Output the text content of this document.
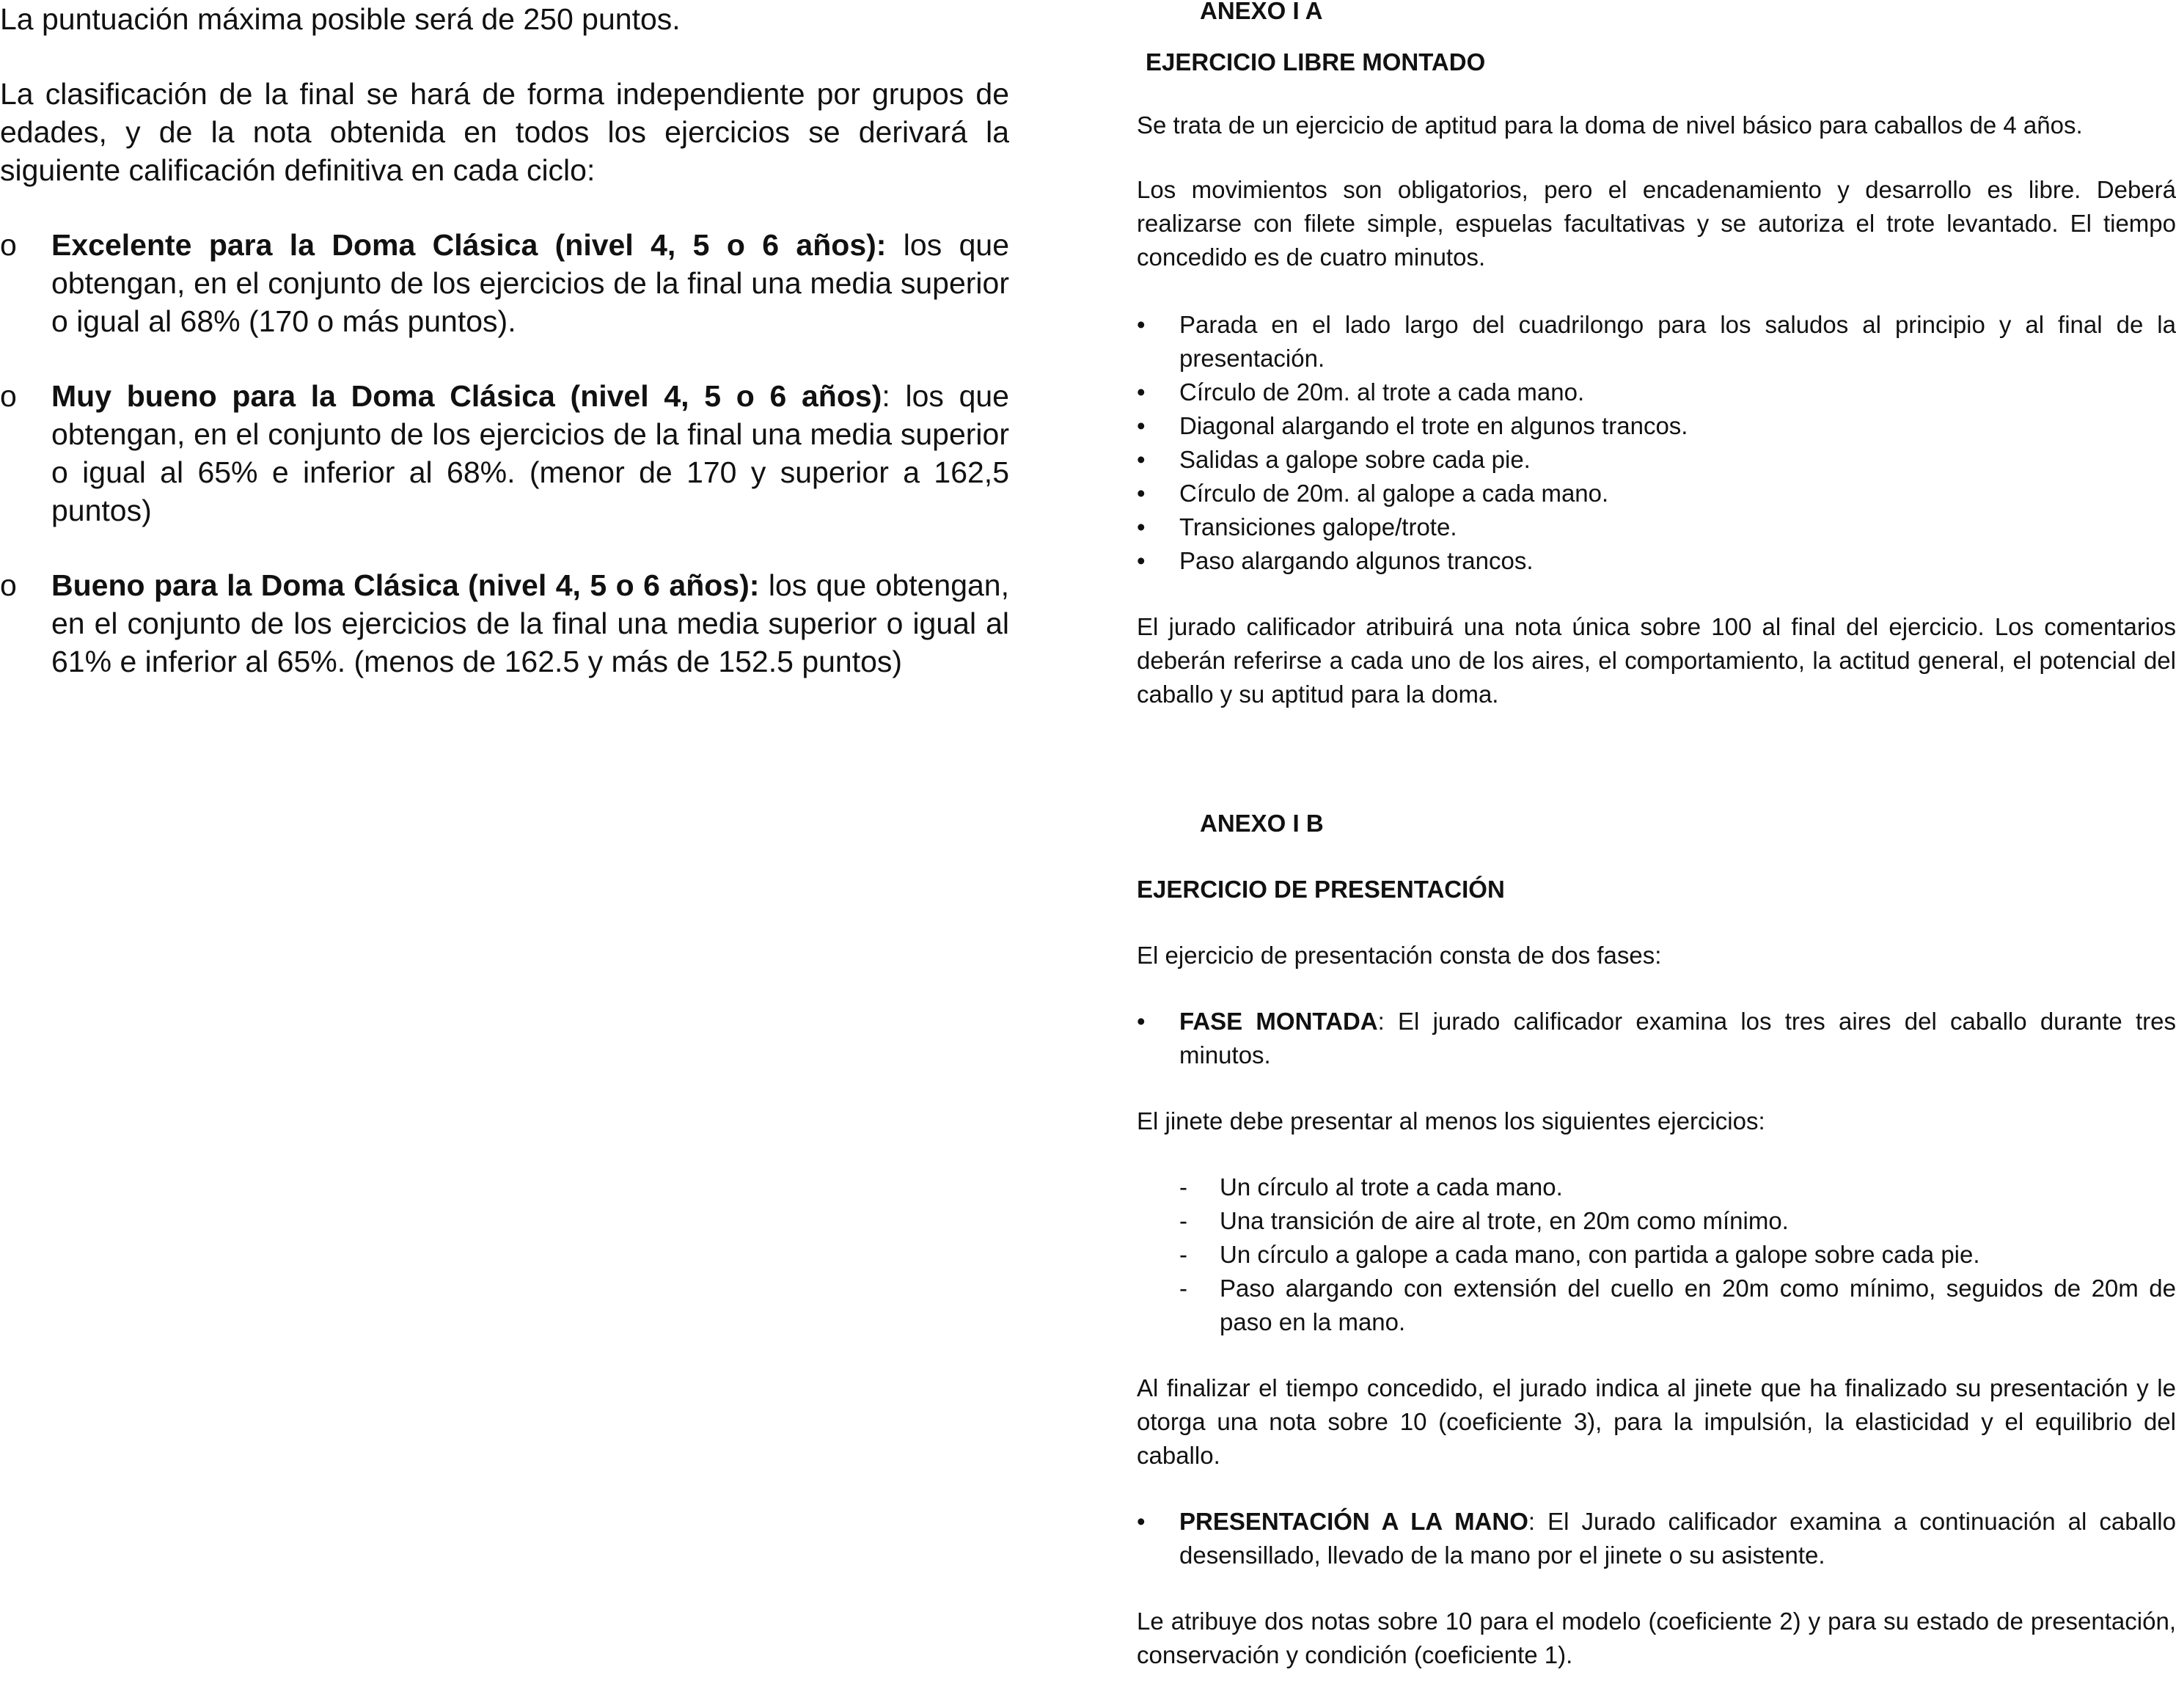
La puntuación máxima posible será de 250 puntos.

La clasificación de la final se hará de forma independiente por grupos de edades, y de la nota obtenida en todos los ejercicios se derivará la siguiente calificación definitiva en cada ciclo:

o	Excelente para la Doma Clásica (nivel 4, 5 o 6 años): los que obtengan, en el conjunto de los ejercicios de la final una media superior o igual al 68% (170 o más puntos).
o	Muy bueno para la Doma Clásica (nivel 4, 5 o 6 años): los que obtengan, en el conjunto de los ejercicios de la final una media superior o igual al 65% e inferior al 68%. (menor de 170 y superior a 162,5 puntos)
o	Bueno para la Doma Clásica (nivel 4, 5 o 6 años): los que obtengan, en el conjunto de los ejercicios de la final una media superior o igual al 61% e inferior al 65%. (menos de 162.5 y más de 152.5 puntos)

ANEXO I A

EJERCICIO LIBRE MONTADO

Se trata de un ejercicio de aptitud para la doma de nivel básico para caballos de 4 años.

Los movimientos son obligatorios, pero el encadenamiento y desarrollo es libre. Deberá realizarse con filete simple, espuelas facultativas y se autoriza el trote levantado. El tiempo concedido es de cuatro minutos.

•	Parada en el lado largo del cuadrilongo para los saludos al principio y al final de la presentación.
•	Círculo de 20m. al trote a cada mano.
•	Diagonal alargando el trote en algunos trancos.
•	Salidas a galope sobre cada pie.
•	Círculo de 20m. al galope a cada mano.
•	Transiciones galope/trote.
•	Paso alargando algunos trancos.

El jurado calificador atribuirá una nota única sobre 100 al final del ejercicio. Los comentarios deberán referirse a cada uno de los aires, el comportamiento, la actitud general, el potencial del caballo y su aptitud para la doma.

ANEXO I B

EJERCICIO DE PRESENTACIÓN

El ejercicio de presentación consta de dos fases:

•	FASE MONTADA: El jurado calificador examina los tres aires del caballo durante tres minutos.

El jinete debe presentar al menos los siguientes ejercicios:

-	Un círculo al trote a cada mano.
-	Una transición de aire al trote, en 20m como mínimo.
-	Un círculo a galope a cada mano, con partida a galope sobre cada pie.
-	Paso alargando con extensión del cuello en 20m como mínimo, seguidos de 20m de paso en la mano.

Al finalizar el tiempo concedido, el jurado indica al jinete que ha finalizado su presentación y le otorga una nota sobre 10 (coeficiente 3), para la impulsión, la elasticidad y el equilibrio del caballo.

•	PRESENTACIÓN A LA MANO: El Jurado calificador examina a continuación al caballo desensillado, llevado de la mano por el jinete o su asistente.

Le atribuye dos notas sobre 10 para el modelo (coeficiente 2) y para su estado de presentación, conservación y condición (coeficiente 1).
